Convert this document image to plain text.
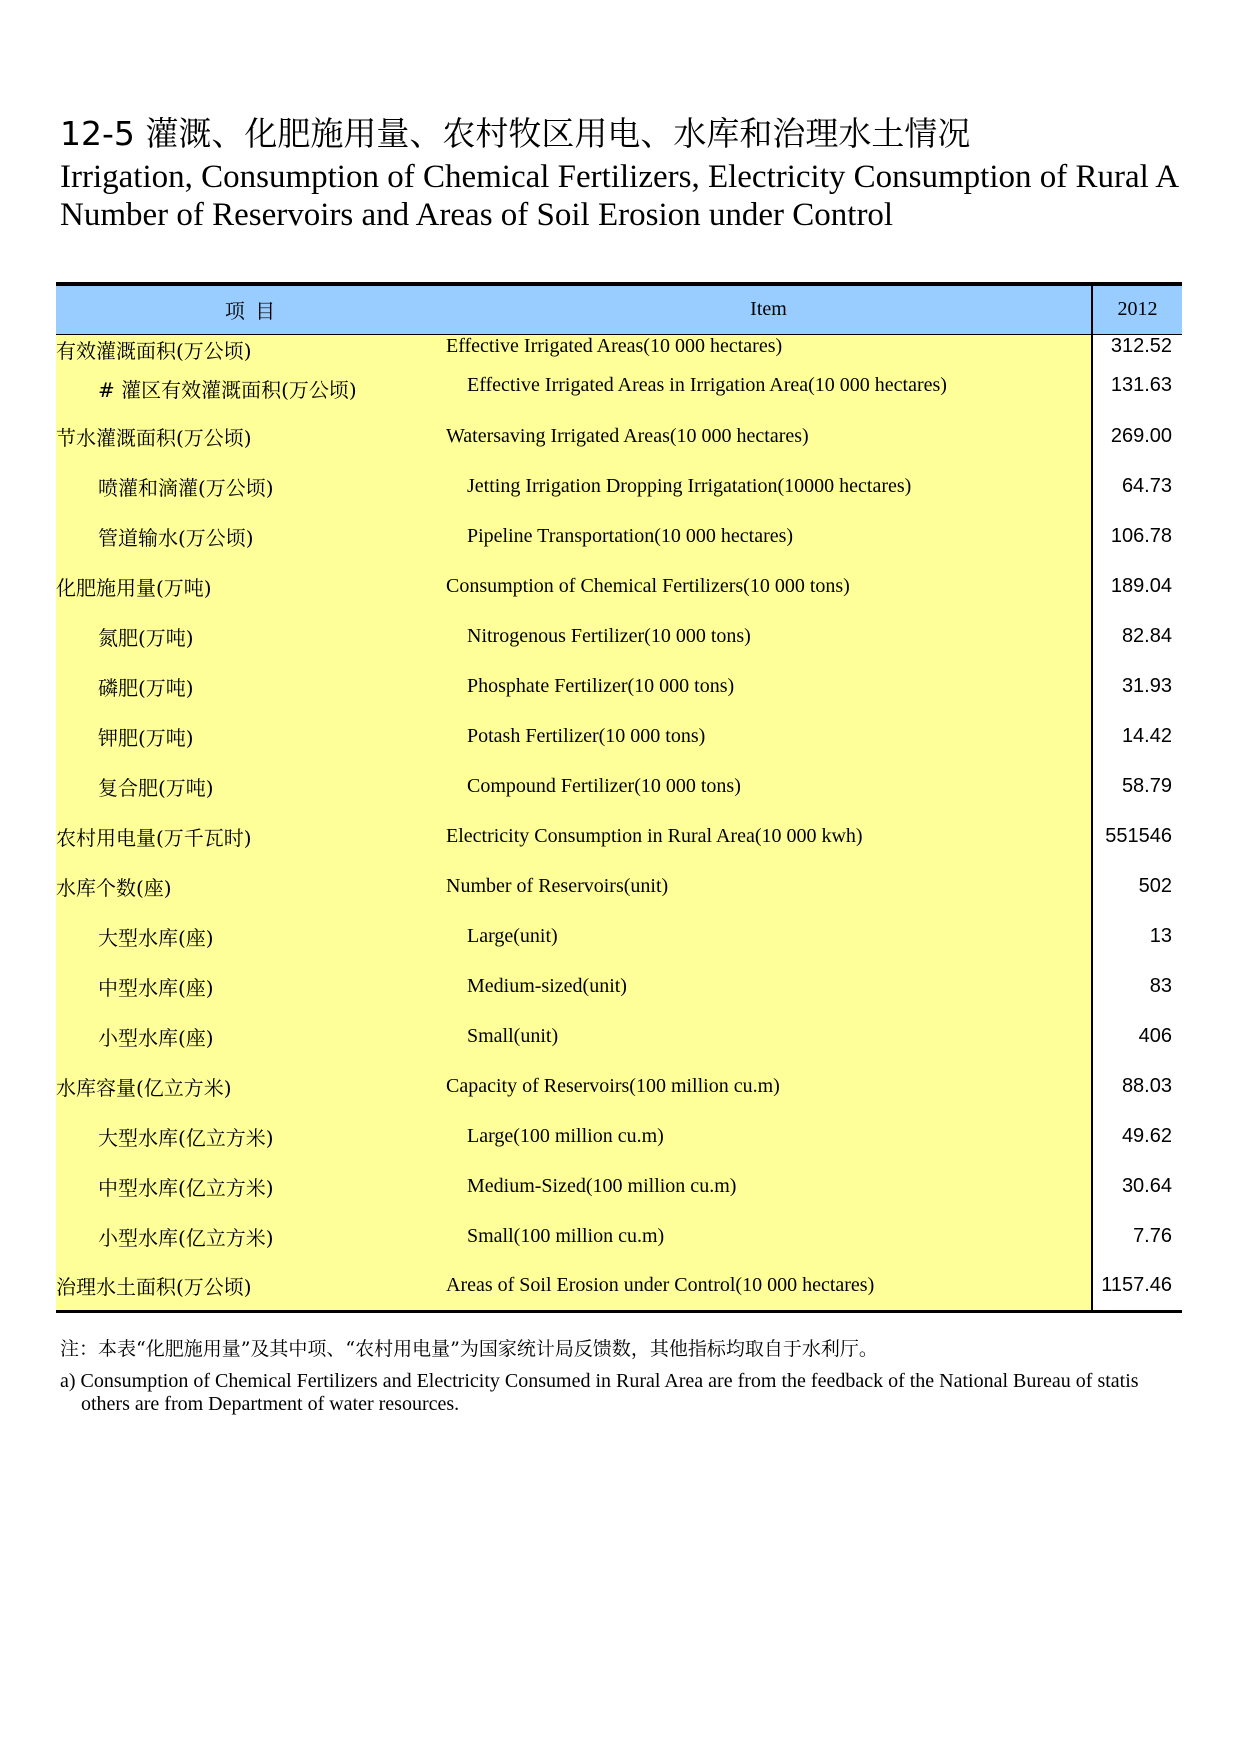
12-5 灌溉、化肥施用量、农村牧区用电、水库和治理水土情况
Irrigation, Consumption of Chemical Fertilizers, Electricity Consumption of Rural A
Number of Reservoirs and Areas of Soil Erosion under Control
项 目	Item	2012
有效灌溉面积(万公顷)	Effective Irrigated Areas(10 000 hectares)	312.52
# 灌区有效灌溉面积(万公顷)	Effective Irrigated Areas in Irrigation Area(10 000 hectares)	131.63
节水灌溉面积(万公顷)	Watersaving Irrigated Areas(10 000 hectares)	269.00
喷灌和滴灌(万公顷)	Jetting Irrigation Dropping Irrigatation(10000 hectares)	64.73
管道输水(万公顷)	Pipeline Transportation(10 000 hectares)	106.78
化肥施用量(万吨)	Consumption of Chemical Fertilizers(10 000 tons)	189.04
氮肥(万吨)	Nitrogenous Fertilizer(10 000 tons)	82.84
磷肥(万吨)	Phosphate Fertilizer(10 000 tons)	31.93
钾肥(万吨)	Potash Fertilizer(10 000 tons)	14.42
复合肥(万吨)	Compound Fertilizer(10 000 tons)	58.79
农村用电量(万千瓦时)	Electricity Consumption in Rural Area(10 000 kwh)	551546
水库个数(座)	Number of Reservoirs(unit)	502
大型水库(座)	Large(unit)	13
中型水库(座)	Medium-sized(unit)	83
小型水库(座)	Small(unit)	406
水库容量(亿立方米)	Capacity of Reservoirs(100 million cu.m)	88.03
大型水库(亿立方米)	Large(100 million cu.m)	49.62
中型水库(亿立方米)	Medium-Sized(100 million cu.m)	30.64
小型水库(亿立方米)	Small(100 million cu.m)	7.76
治理水土面积(万公顷)	Areas of Soil Erosion under Control(10 000 hectares)	1157.46
注：本表“化肥施用量”及其中项、“农村用电量”为国家统计局反馈数，其他指标均取自于水利厅。
a) Consumption of Chemical Fertilizers and Electricity Consumed in Rural Area are from the feedback of the National Bureau of statis
others are from Department of water resources.
